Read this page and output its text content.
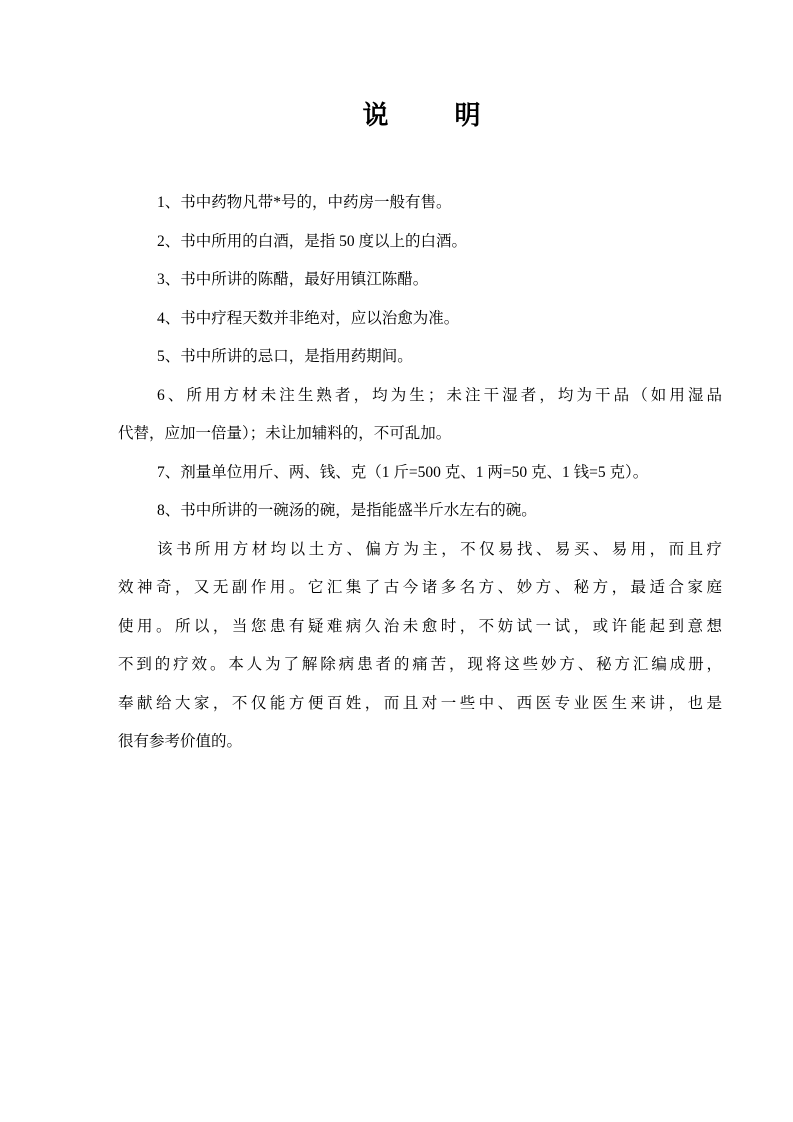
说	明
1、书中药物凡带*号的，中药房一般有售。
2、书中所用的白酒，是指 50 度以上的白酒。
3、书中所讲的陈醋，最好用镇江陈醋。
4、书中疗程天数并非绝对，应以治愈为准。
5、书中所讲的忌口，是指用药期间。
6、所用方材未注生熟者，均为生；未注干湿者，均为干品（如用湿品
代替，应加一倍量）；未让加辅料的，不可乱加。
7、剂量单位用斤、两、钱、克（1 斤=500 克、1 两=50 克、1 钱=5 克）。
8、书中所讲的一碗汤的碗，是指能盛半斤水左右的碗。
该书所用方材均以土方、偏方为主，不仅易找、易买、易用，而且疗
效神奇，又无副作用。它汇集了古今诸多名方、妙方、秘方，最适合家庭
使用。所以，当您患有疑难病久治未愈时，不妨试一试，或许能起到意想
不到的疗效。本人为了解除病患者的痛苦，现将这些妙方、秘方汇编成册，
奉献给大家，不仅能方便百姓，而且对一些中、西医专业医生来讲，也是
很有参考价值的。
